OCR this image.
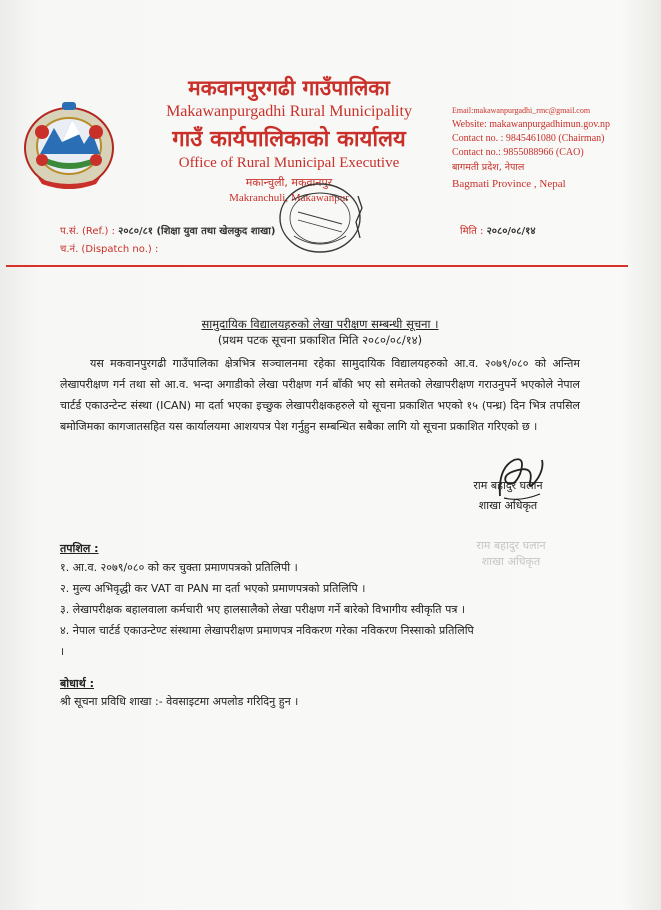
मकवानपुरगढी गाउँपालिका
Makawanpurgadhi Rural Municipality
गाउँ कार्यपालिकाको कार्यालय
Office of Rural Municipal Executive
मकान्चुली, मकवानपुर
Makranchuli, Makawanpur
Email:makawanpurgadhi_rmc@gmail.com
Website: makawanpurgadhimun.gov.np
Contact no. : 9845461080 (Chairman)
Contact no.: 9855088966 (CAO)
बागमती प्रदेश, नेपाल
Bagmati Province , Nepal
प.सं. (Ref.) : २०८०/८१ (शिक्षा युवा तथा खेलकुद शाखा)
च.नं. (Dispatch no.) :
मिति : २०८०/०८/१४
सामुदायिक विद्यालयहरुको लेखा परीक्षण सम्बन्धी सूचना ।
(प्रथम पटक सूचना प्रकाशित मिति २०८०/०८/१४)
यस मकवानपुरगढी गाउँपालिका क्षेत्रभित्र सञ्चालनमा रहेका सामुदायिक विद्यालयहरुको आ.व. २०७९/०८० को अन्तिम लेखापरीक्षण गर्न तथा सो आ.व. भन्दा अगाडीको लेखा परीक्षण गर्न बाँकी भए सो समेतको लेखापरीक्षण गराउनुपर्ने भएकोले नेपाल चार्टर्ड एकाउन्टेन्ट संस्था (ICAN) मा दर्ता भएका इच्छुक लेखापरीक्षकहरुले यो सूचना प्रकाशित भएको १५ (पन्ध्र) दिन भित्र तपसिल बमोजिमका कागजातसहित यस कार्यालयमा आशयपत्र पेश गर्नुहुन सम्बन्धित सबैका लागि यो सूचना प्रकाशित गरिएको छ ।
राम बहादुर घलान
शाखा अधिकृत
राम बहादुर घलान
शाखा अधिकृत
तपशिल :
१. आ.व. २०७९/०८० को कर चुक्ता प्रमाणपत्रको प्रतिलिपी ।
२. मुल्य अभिवृद्धी कर VAT वा PAN मा दर्ता भएको प्रमाणपत्रको प्रतिलिपि ।
३. लेखापरीक्षक बहालवाला कर्मचारी भए हालसालैको लेखा परीक्षण गर्ने बारेको विभागीय स्वीकृति पत्र ।
४. नेपाल चार्टर्ड एकाउन्टेण्ट संस्थामा लेखापरीक्षण प्रमाणपत्र नविकरण गरेका नविकरण निस्साको प्रतिलिपि
।
बोधार्थ :
श्री सूचना प्रविधि शाखा :- वेवसाइटमा अपलोड गरिदिनु हुन ।
